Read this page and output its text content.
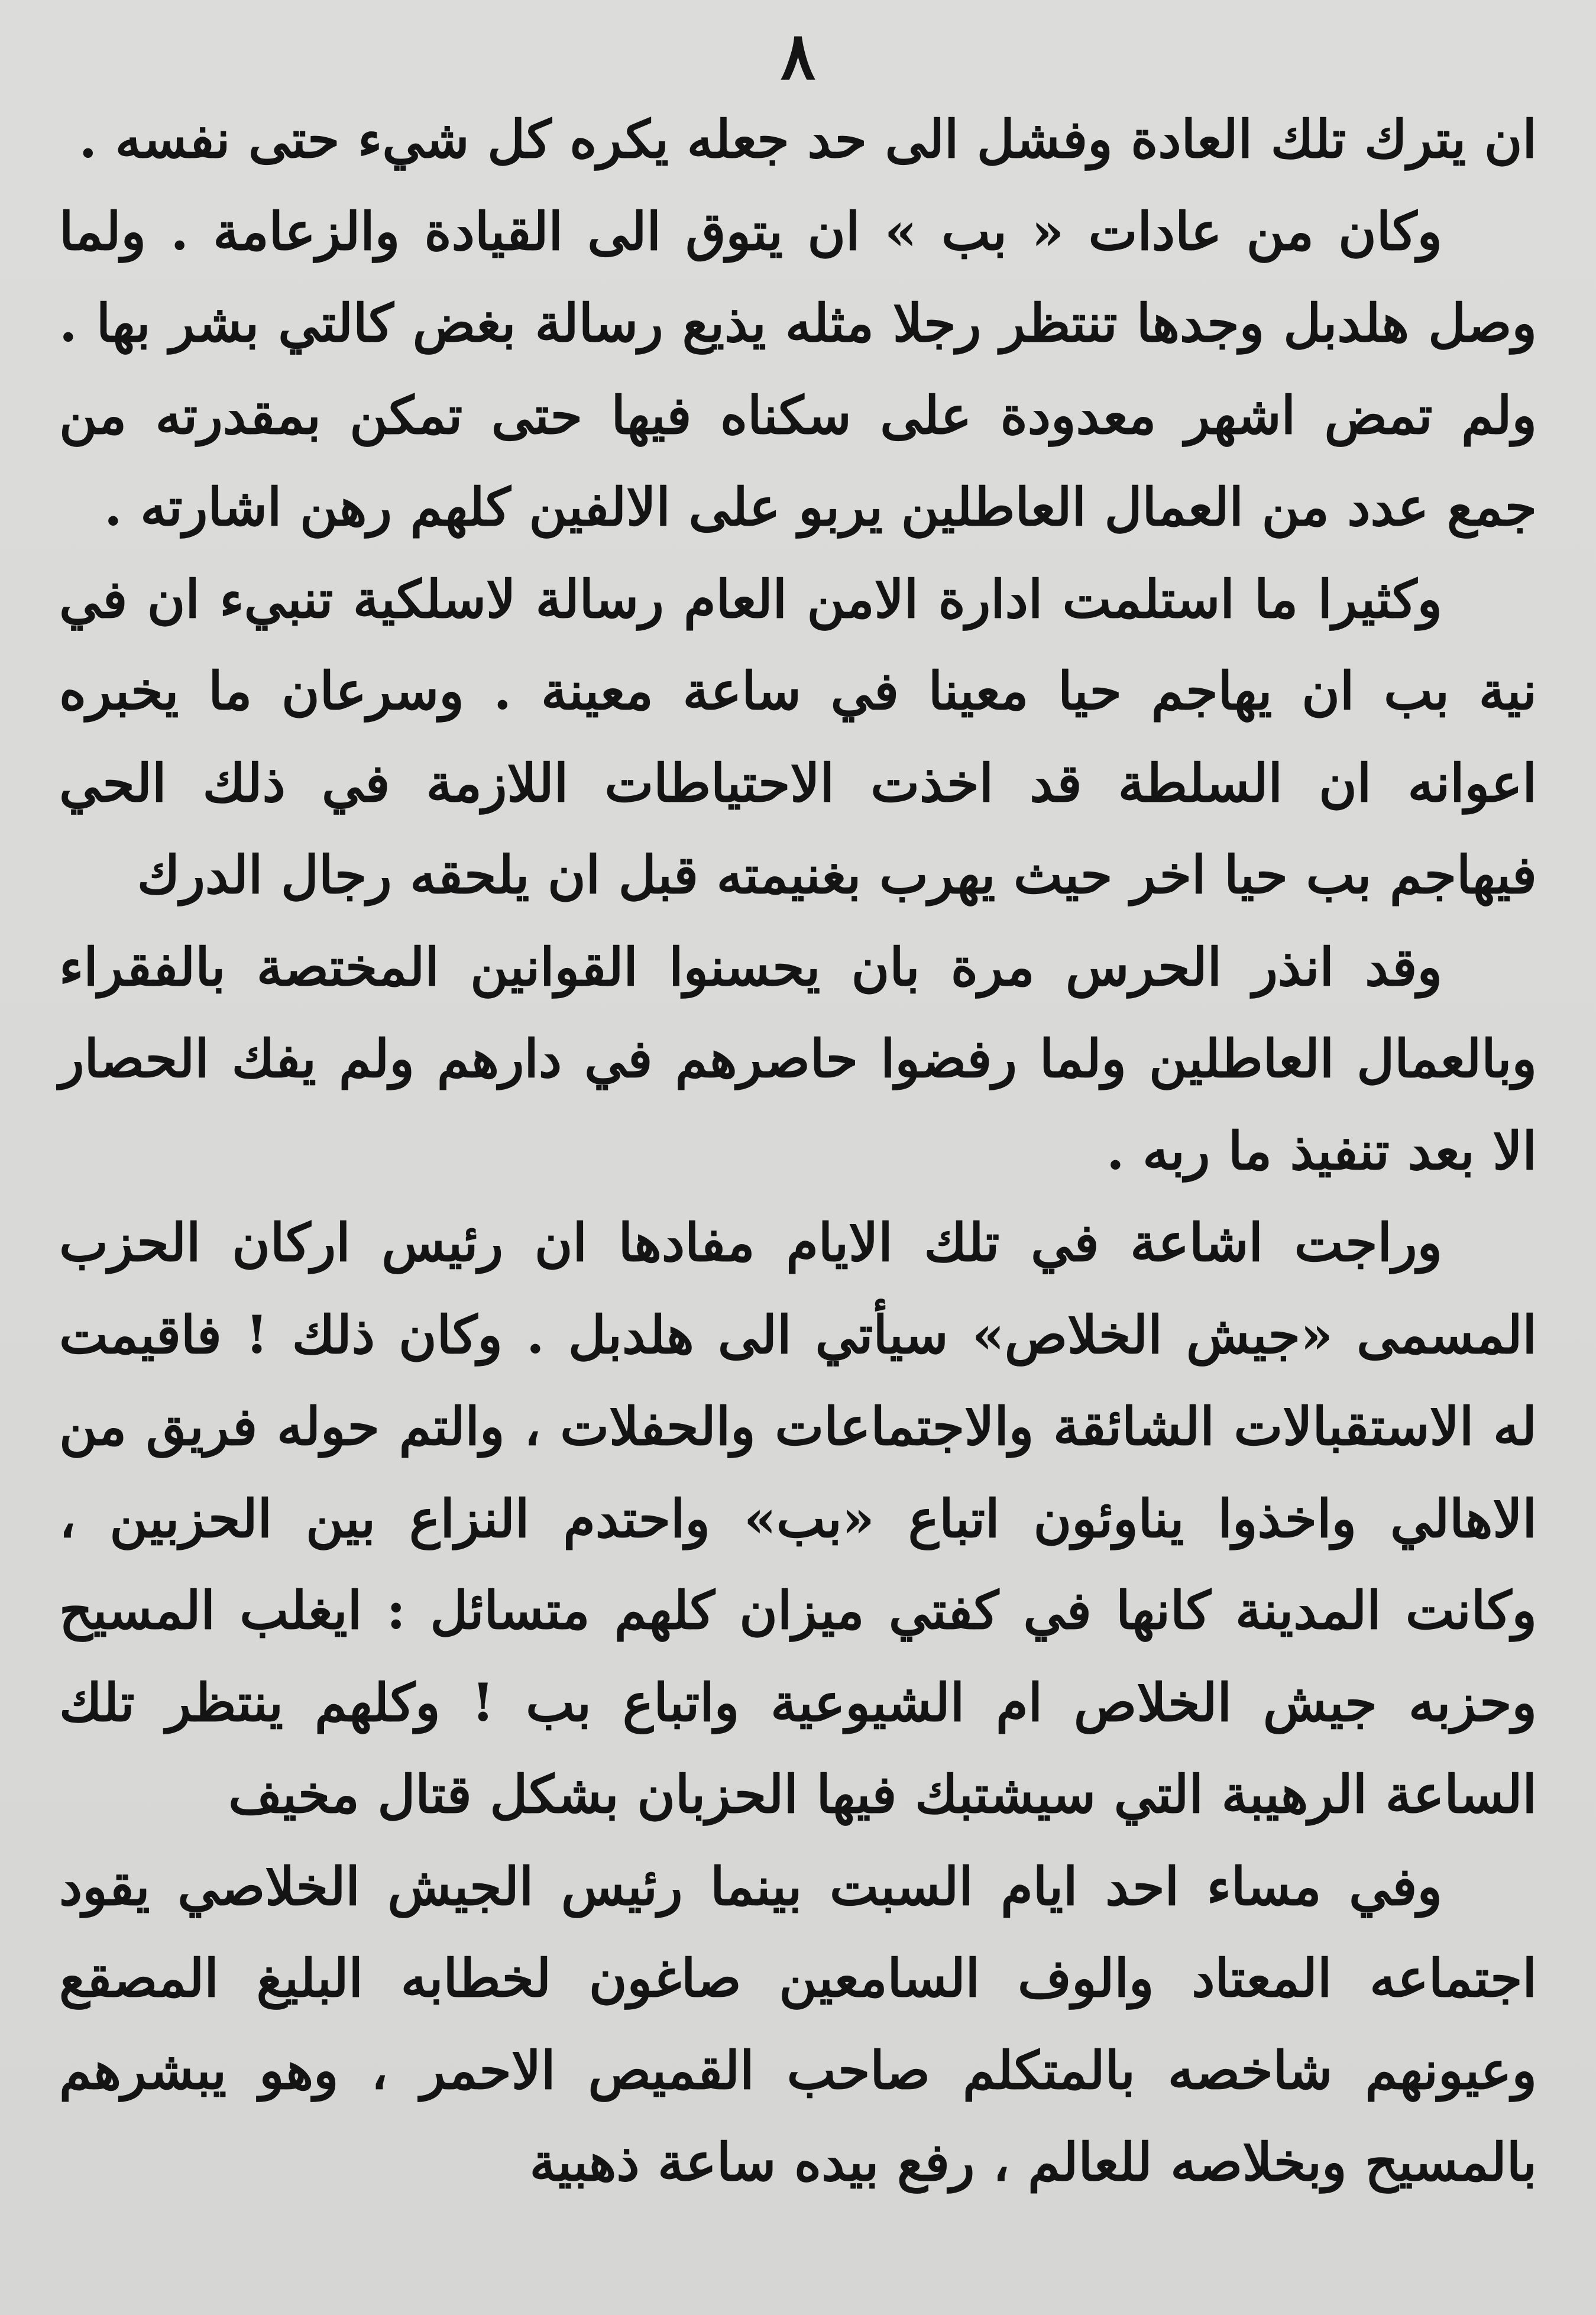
٨

ان يترك تلك العادة وفشل الى حد جعله يكره كل شيء حتى نفسه .

وكان من عادات « بب » ان يتوق الى القيادة والزعامة . ولما وصل هلدبل وجدها تنتظر رجلا مثله يذيع رسالة بغض كالتي بشر بها . ولم تمض اشهر معدودة على سكناه فيها حتى تمكن بمقدرته من جمع عدد من العمال العاطلين يربو على الالفين كلهم رهن اشارته .

وكثيرا ما استلمت ادارة الامن العام رسالة لاسلكية تنبيء ان في نية بب ان يهاجم حيا معينا في ساعة معينة . وسرعان ما يخبره اعوانه ان السلطة قد اخذت الاحتياطات اللازمة في ذلك الحي فيهاجم بب حيا اخر حيث يهرب بغنيمته قبل ان يلحقه رجال الدرك

وقد انذر الحرس مرة بان يحسنوا القوانين المختصة بالفقراء وبالعمال العاطلين ولما رفضوا حاصرهم في دارهم ولم يفك الحصار الا بعد تنفيذ ما ربه .

وراجت اشاعة في تلك الايام مفادها ان رئيس اركان الحزب المسمى «جيش الخلاص» سيأتي الى هلدبل . وكان ذلك ! فاقيمت له الاستقبالات الشائقة والاجتماعات والحفلات ، والتم حوله فريق من الاهالي واخذوا يناوئون اتباع «بب» واحتدم النزاع بين الحزبين ، وكانت المدينة كانها في كفتي ميزان كلهم متسائل : ايغلب المسيح وحزبه جيش الخلاص ام الشيوعية واتباع بب ! وكلهم ينتظر تلك الساعة الرهيبة التي سيشتبك فيها الحزبان بشكل قتال مخيف

وفي مساء احد ايام السبت بينما رئيس الجيش الخلاصي يقود اجتماعه المعتاد والوف السامعين صاغون لخطابه البليغ المصقع وعيونهم شاخصه بالمتكلم صاحب القميص الاحمر ، وهو يبشرهم بالمسيح وبخلاصه للعالم ، رفع بيده ساعة ذهبية
